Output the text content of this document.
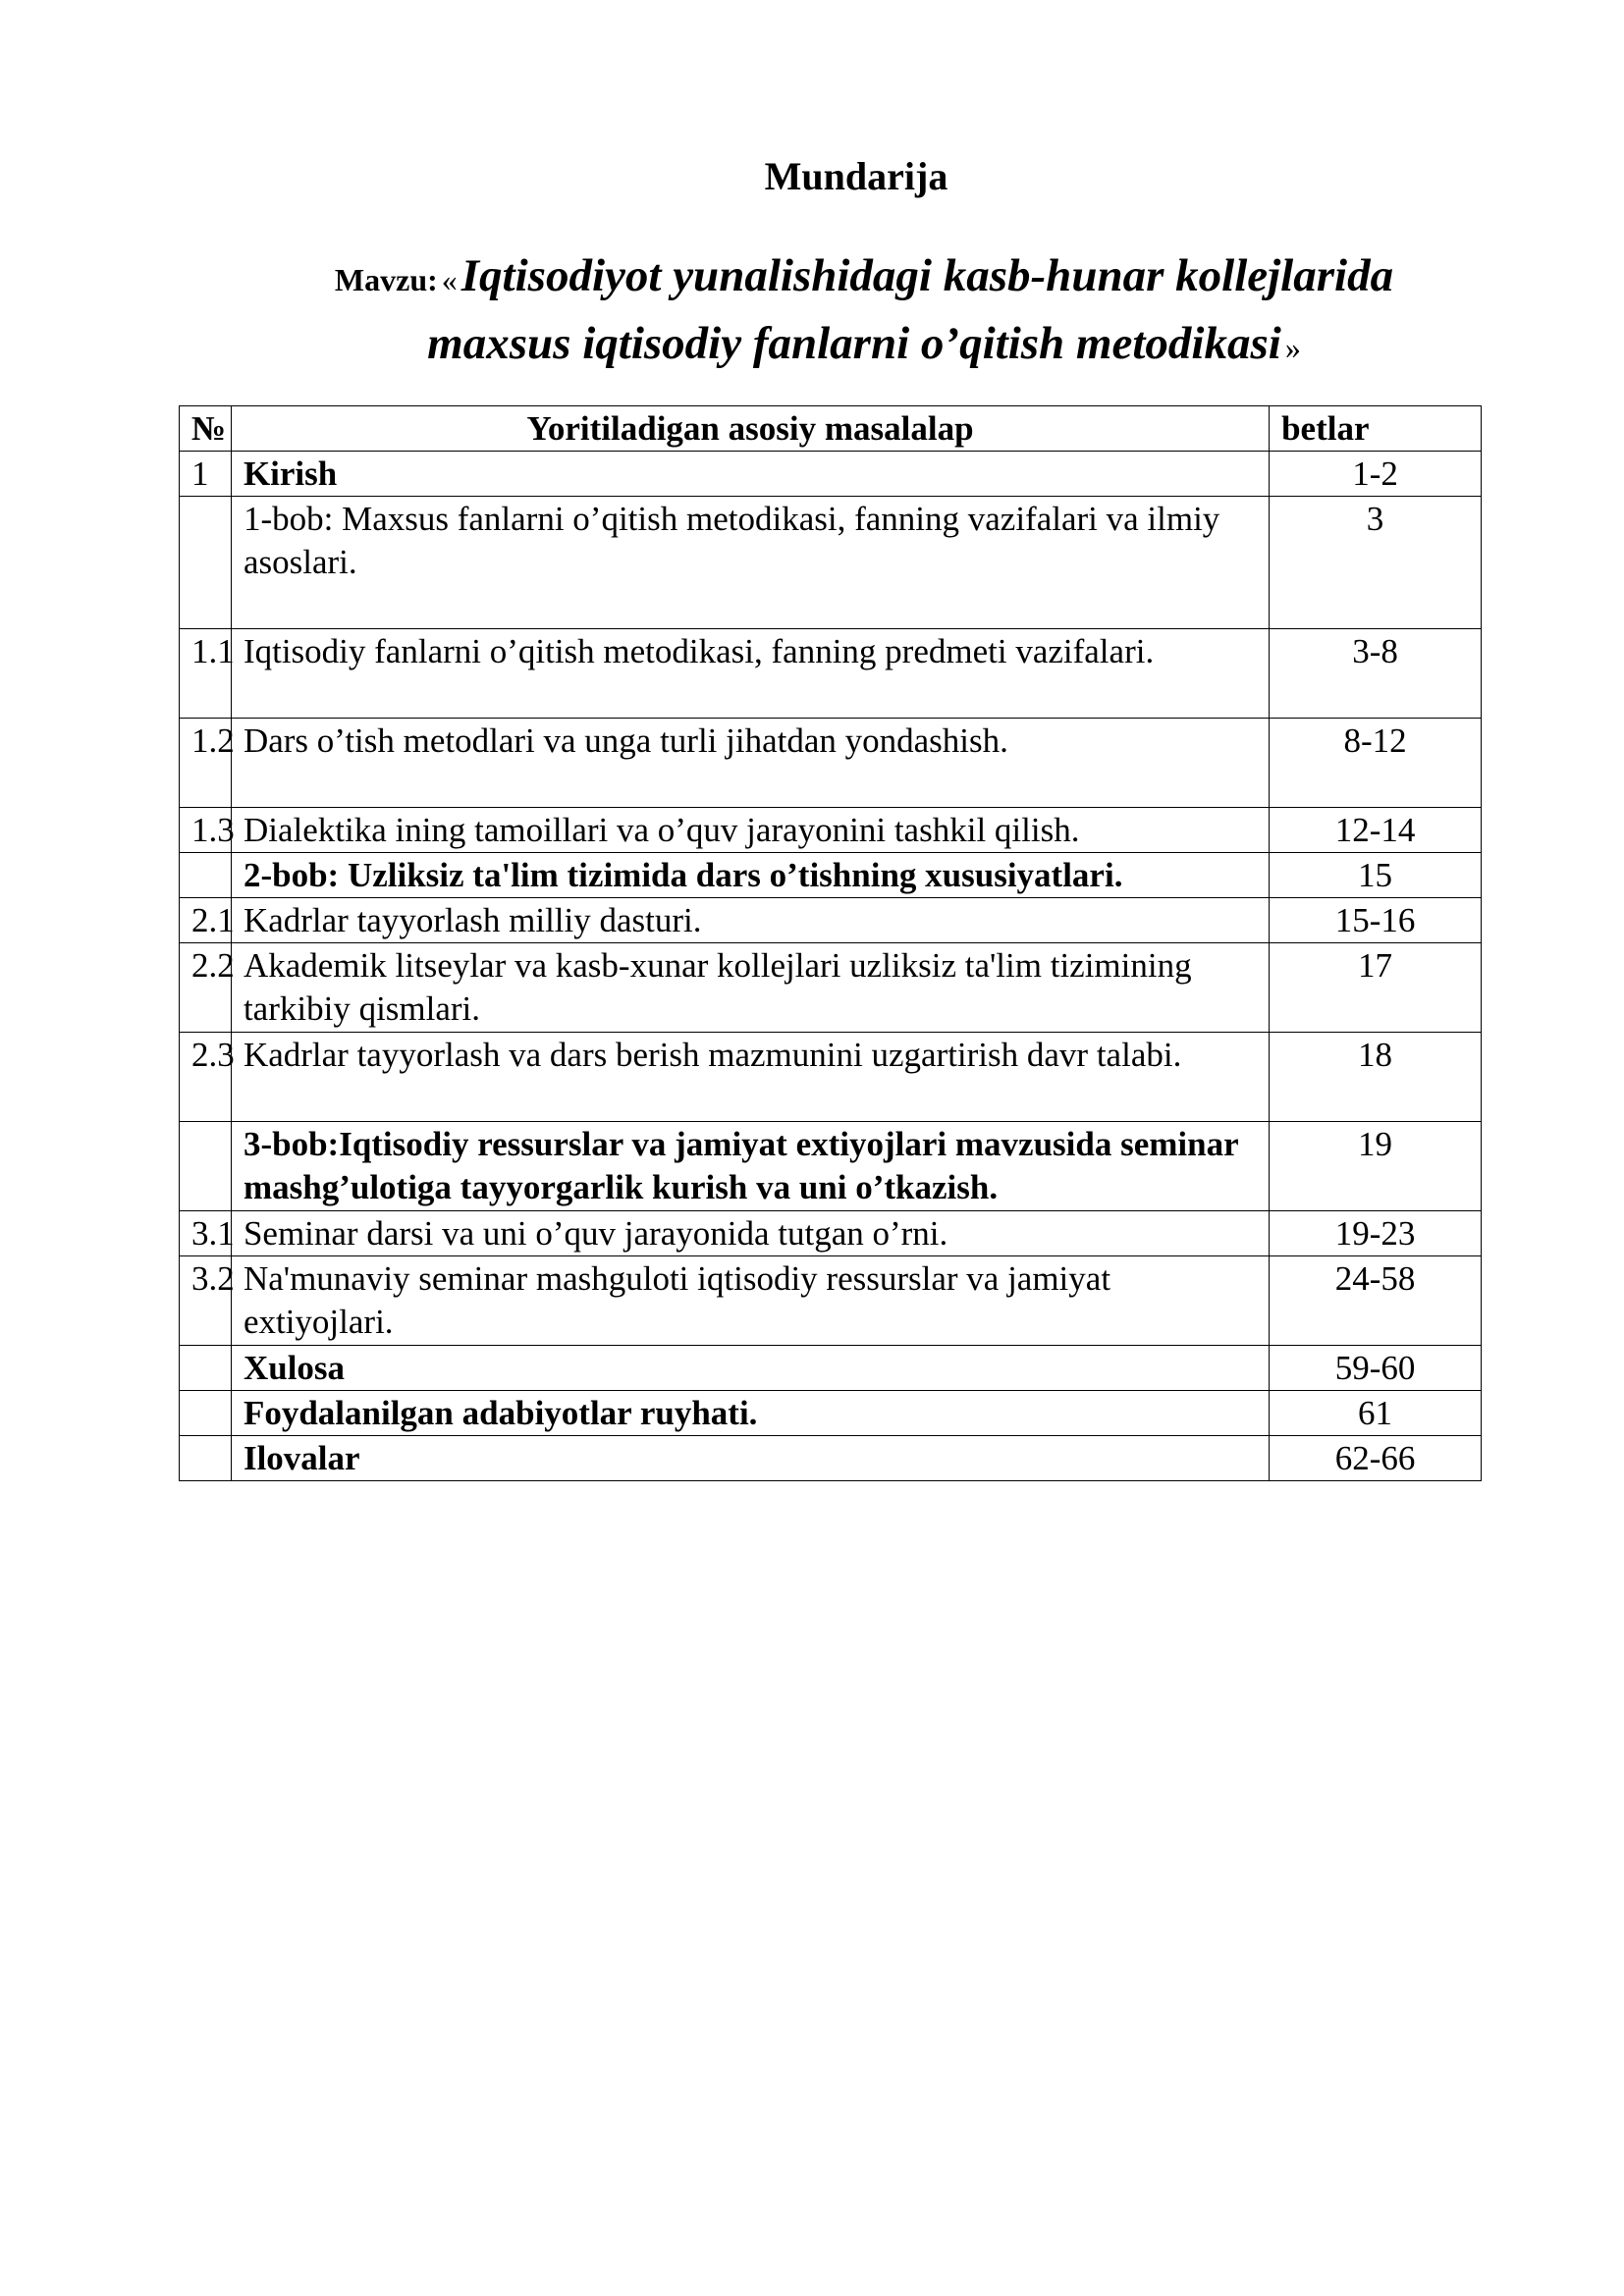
Mundarija
Mavzu: « Iqtisodiyot yunalishidagi kasb-hunar kollejlarida
maxsus iqtisodiy fanlarni o’qitish metodikasi »
№	Yoritiladigan asosiy masalalap	betlar
1	Kirish	1-2
	1-bob: Maxsus fanlarni o’qitish metodikasi, fanning vazifalari va ilmiy asoslari.	3
1.1	Iqtisodiy fanlarni o’qitish metodikasi, fanning predmeti vazifalari.	3-8
1.2	Dars o’tish metodlari va unga turli jihatdan yondashish.	8-12
1.3	Dialektika ining tamoillari va o’quv jarayonini tashkil qilish.	12-14
	2-bob: Uzliksiz ta'lim tizimida dars o’tishning xususiyatlari.	15
2.1	Kadrlar tayyorlash milliy dasturi.	15-16
2.2	Akademik litseylar va kasb-xunar kollejlari uzliksiz ta'lim tizimining tarkibiy qismlari.	17
2.3	Kadrlar tayyorlash va dars berish mazmunini uzgartirish davr talabi.	18
	3-bob:Iqtisodiy ressurslar va jamiyat extiyojlari mavzusida seminar mashg’ulotiga tayyorgarlik kurish va uni o’tkazish.	19
3.1	Seminar darsi va uni o’quv jarayonida tutgan o’rni.	19-23
3.2	Na'munaviy seminar mashguloti iqtisodiy ressurslar va jamiyat extiyojlari.	24-58
	Xulosa	59-60
	Foydalanilgan adabiyotlar ruyhati.	61
	Ilovalar	62-66
